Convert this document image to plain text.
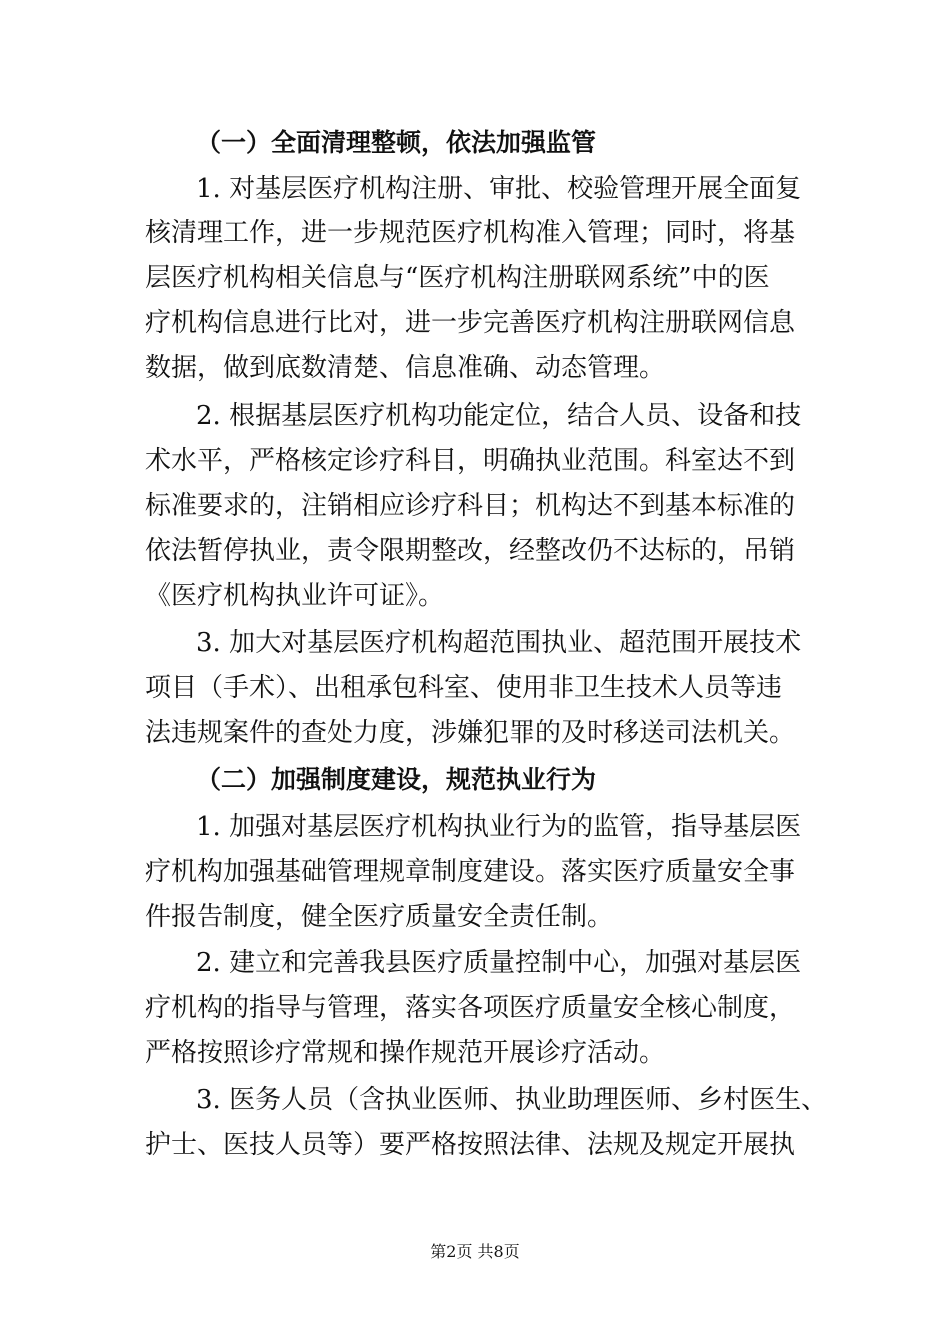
（一）全面清理整顿，依法加强监管
1. 对基层医疗机构注册、审批、校验管理开展全面复
核清理工作，进一步规范医疗机构准入管理；同时，将基
层医疗机构相关信息与“医疗机构注册联网系统”中的医
疗机构信息进行比对，进一步完善医疗机构注册联网信息
数据，做到底数清楚、信息准确、动态管理。
2. 根据基层医疗机构功能定位，结合人员、设备和技
术水平，严格核定诊疗科目，明确执业范围。科室达不到
标准要求的，注销相应诊疗科目；机构达不到基本标准的
依法暂停执业，责令限期整改，经整改仍不达标的，吊销
《医疗机构执业许可证》。
3. 加大对基层医疗机构超范围执业、超范围开展技术
项目（手术）、出租承包科室、使用非卫生技术人员等违
法违规案件的查处力度，涉嫌犯罪的及时移送司法机关。
（二）加强制度建设，规范执业行为
1. 加强对基层医疗机构执业行为的监管，指导基层医
疗机构加强基础管理规章制度建设。落实医疗质量安全事
件报告制度，健全医疗质量安全责任制。
2. 建立和完善我县医疗质量控制中心，加强对基层医
疗机构的指导与管理，落实各项医疗质量安全核心制度，
严格按照诊疗常规和操作规范开展诊疗活动。
3. 医务人员（含执业医师、执业助理医师、乡村医生、
护士、医技人员等）要严格按照法律、法规及规定开展执
第2页 共8页
